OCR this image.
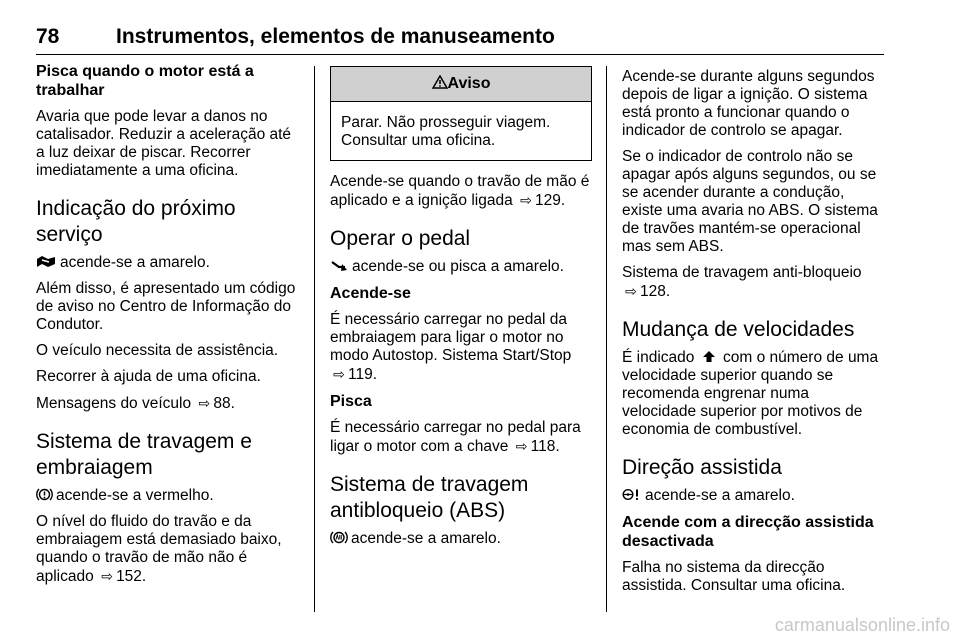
78	Instrumentos, elementos de manuseamento
Pisca quando o motor está a trabalhar

Avaria que pode levar a danos no catalisador. Reduzir a aceleração até a luz deixar de piscar. Recorrer imediatamente a uma oficina.

Indicação do próximo serviço

acende-se a amarelo.

Além disso, é apresentado um código de aviso no Centro de Informação do Condutor.

O veículo necessita de assistência.

Recorrer à ajuda de uma oficina.

Mensagens do veículo ⇨ 88.

Sistema de travagem e embraiagem

acende-se a vermelho.

O nível do fluido do travão e da embraiagem está demasiado baixo, quando o travão de mão não é aplicado ⇨ 152.

Aviso
Parar. Não prosseguir viagem. Consultar uma oficina.

Acende-se quando o travão de mão é aplicado e a ignição ligada ⇨ 129.

Operar o pedal

acende-se ou pisca a amarelo.

Acende-se

É necessário carregar no pedal da embraiagem para ligar o motor no modo Autostop. Sistema Start/Stop ⇨ 119.

Pisca

É necessário carregar no pedal para ligar o motor com a chave ⇨ 118.

Sistema de travagem antibloqueio (ABS)

acende-se a amarelo.

Acende-se durante alguns segundos depois de ligar a ignição. O sistema está pronto a funcionar quando o indicador de controlo se apagar.

Se o indicador de controlo não se apagar após alguns segundos, ou se se acender durante a condução, existe uma avaria no ABS. O sistema de travões mantém-se operacional mas sem ABS.

Sistema de travagem anti-bloqueio
⇨ 128.

Mudança de velocidades

É indicado com o número de uma velocidade superior quando se recomenda engrenar numa velocidade superior por motivos de economia de combustível.

Direção assistida

acende-se a amarelo.

Acende com a direcção assistida desactivada

Falha no sistema da direcção assistida. Consultar uma oficina.

carmanualsonline.info
